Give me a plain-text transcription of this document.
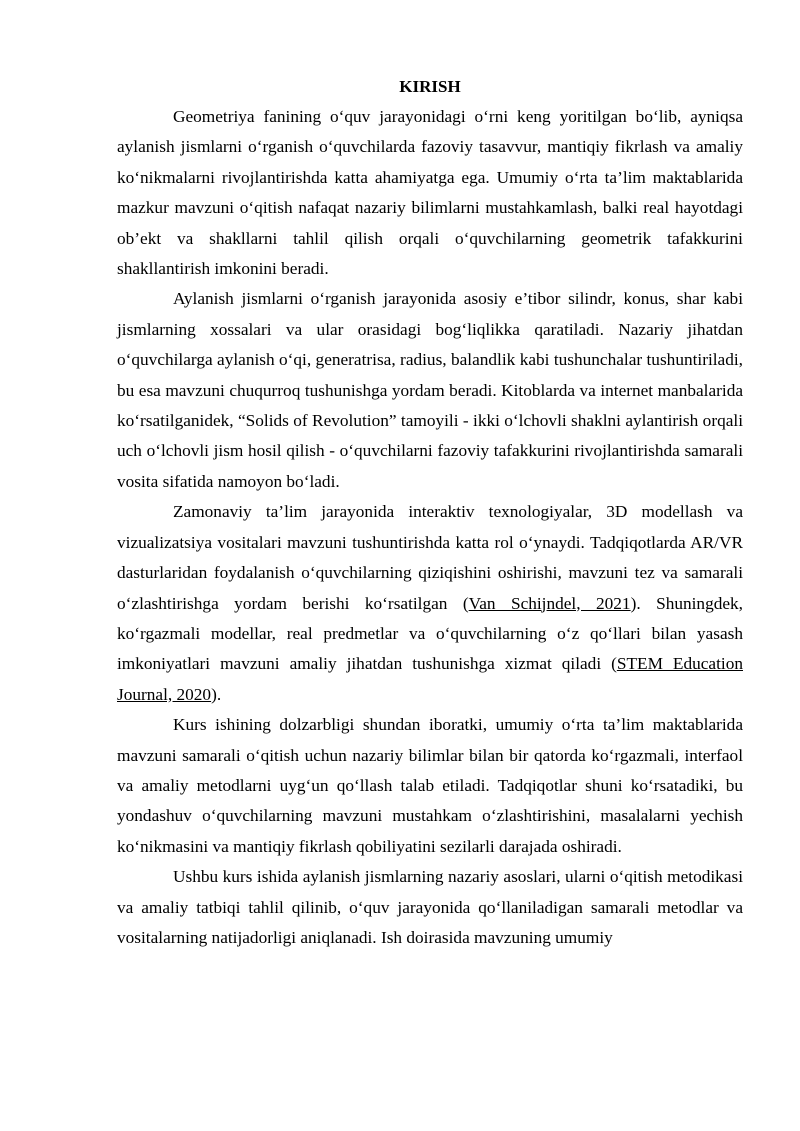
KIRISH

Geometriya fanining o‘quv jarayonidagi o‘rni keng yoritilgan bo‘lib, ayniqsa aylanish jismlarni o‘rganish o‘quvchilarda fazoviy tasavvur, mantiqiy fikrlash va amaliy ko‘nikmalarni rivojlantirishda katta ahamiyatga ega. Umumiy o‘rta ta’lim maktablarida mazkur mavzuni o‘qitish nafaqat nazariy bilimlarni mustahkamlash, balki real hayotdagi ob’ekt va shakllarni tahlil qilish orqali o‘quvchilarning geometrik tafakkurini shakllantirish imkonini beradi.

Aylanish jismlarni o‘rganish jarayonida asosiy e’tibor silindr, konus, shar kabi jismlarning xossalari va ular orasidagi bog‘liqlikka qaratiladi. Nazariy jihatdan o‘quvchilarga aylanish o‘qi, generatrisa, radius, balandlik kabi tushunchalar tushuntiriladi, bu esa mavzuni chuqurroq tushunishga yordam beradi. Kitoblarda va internet manbalarida ko‘rsatilganidek, “Solids of Revolution” tamoyili - ikki o‘lchovli shaklni aylantirish orqali uch o‘lchovli jism hosil qilish - o‘quvchilarni fazoviy tafakkurini rivojlantirishda samarali vosita sifatida namoyon bo‘ladi.

Zamonaviy ta’lim jarayonida interaktiv texnologiyalar, 3D modellash va vizualizatsiya vositalari mavzuni tushuntirishda katta rol o‘ynaydi. Tadqiqotlarda AR/VR dasturlaridan foydalanish o‘quvchilarning qiziqishini oshirishi, mavzuni tez va samarali o‘zlashtirishga yordam berishi ko‘rsatilgan (Van Schijndel, 2021). Shuningdek, ko‘rgazmali modellar, real predmetlar va o‘quvchilarning o‘z qo‘llari bilan yasash imkoniyatlari mavzuni amaliy jihatdan tushunishga xizmat qiladi (STEM Education Journal, 2020).

Kurs ishining dolzarbligi shundan iboratki, umumiy o‘rta ta’lim maktablarida mavzuni samarali o‘qitish uchun nazariy bilimlar bilan bir qatorda ko‘rgazmali, interfaol va amaliy metodlarni uyg‘un qo‘llash talab etiladi. Tadqiqotlar shuni ko‘rsatadiki, bu yondashuv o‘quvchilarning mavzuni mustahkam o‘zlashtirishini, masalalarni yechish ko‘nikmasini va mantiqiy fikrlash qobiliyatini sezilarli darajada oshiradi.

Ushbu kurs ishida aylanish jismlarning nazariy asoslari, ularni o‘qitish metodikasi va amaliy tatbiqi tahlil qilinib, o‘quv jarayonida qo‘llaniladigan samarali metodlar va vositalarning natijadorligi aniqlanadi. Ish doirasida mavzuning umumiy
